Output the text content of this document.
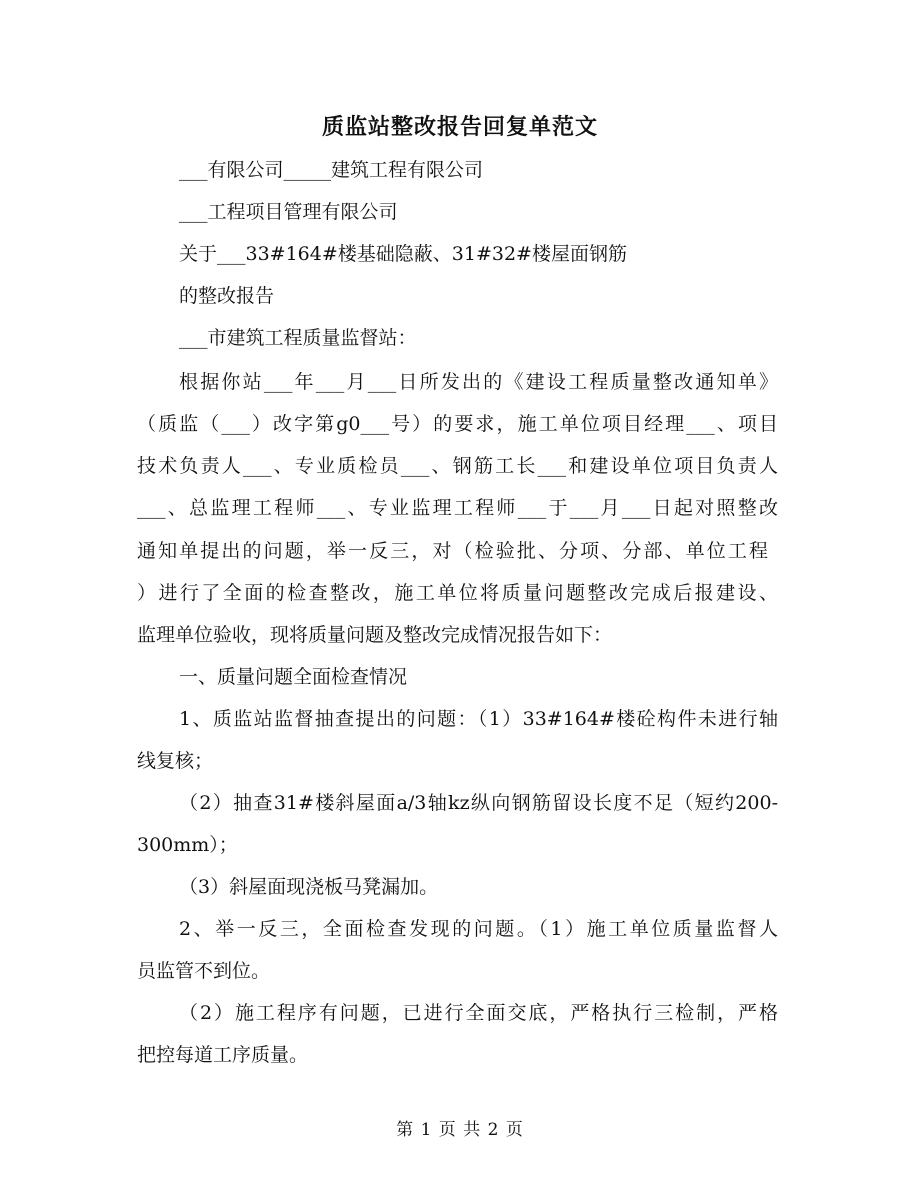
质监站整改报告回复单范文
___有限公司_____建筑工程有限公司
___工程项目管理有限公司
关于___33#164#楼基础隐蔽、31#32#楼屋面钢筋
的整改报告
___市建筑工程质量监督站：
根据你站___年___月___日所发出的《建设工程质量整改通知单》
（质监（___）改字第g0___号）的要求，施工单位项目经理___、项目
技术负责人___、专业质检员___、钢筋工长___和建设单位项目负责人
___、总监理工程师___、专业监理工程师___于___月___日起对照整改
通知单提出的问题，举一反三，对（检验批、分项、分部、单位工程
）进行了全面的检查整改，施工单位将质量问题整改完成后报建设、
监理单位验收，现将质量问题及整改完成情况报告如下：
一、质量问题全面检查情况
1、质监站监督抽查提出的问题：（1）33#164#楼砼构件未进行轴
线复核；
（2）抽查31#楼斜屋面a/3轴kz纵向钢筋留设长度不足（短约200-
300mm）；
（3）斜屋面现浇板马凳漏加。
2、举一反三，全面检查发现的问题。（1）施工单位质量监督人
员监管不到位。
（2）施工程序有问题，已进行全面交底，严格执行三检制，严格
把控每道工序质量。
第 1 页 共 2 页
